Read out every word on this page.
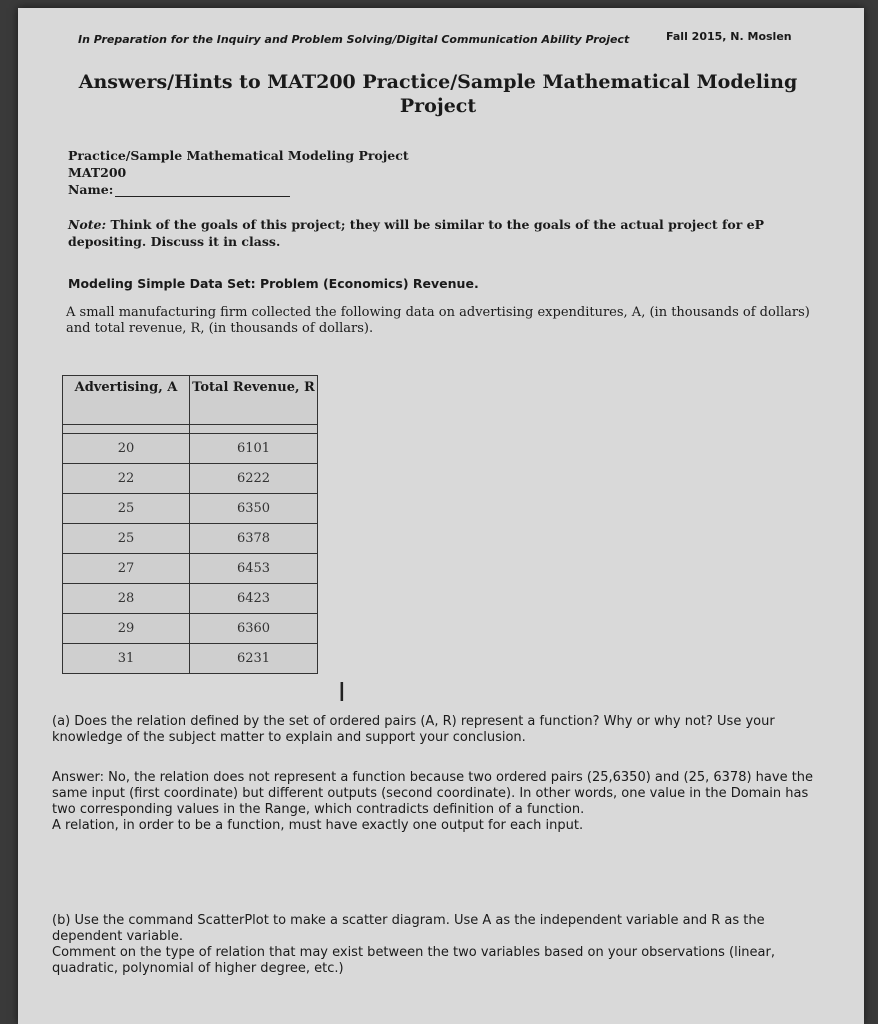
In Preparation for the Inquiry and Problem Solving/Digital Communication Ability Project	Fall 2015, N. Moslen
Answers/Hints to MAT200 Practice/Sample Mathematical Modeling Project
Practice/Sample Mathematical Modeling Project
MAT200
Name:
Note: Think of the goals of this project; they will be similar to the goals of the actual project for eP depositing. Discuss it in class.
Modeling Simple Data Set: Problem (Economics) Revenue.
A small manufacturing firm collected the following data on advertising expenditures, A, (in thousands of dollars) and total revenue, R, (in thousands of dollars).
Advertising, A	Total Revenue, R

20	6101
22	6222
25	6350
25	6378
27	6453
28	6423
29	6360
31	6231
I

(a) Does the relation defined by the set of ordered pairs (A, R) represent a function? Why or why not? Use your knowledge of the subject matter to explain and support your conclusion.

Answer: No, the relation does not represent a function because two ordered pairs (25,6350) and (25, 6378) have the same input (first coordinate) but different outputs (second coordinate). In other words, one value in the Domain has two corresponding values in the Range, which contradicts definition of a function.

A relation, in order to be a function, must have exactly one output for each input.

(b) Use the command ScatterPlot to make a scatter diagram. Use A as the independent variable and R as the dependent variable.

Comment on the type of relation that may exist between the two variables based on your observations (linear, quadratic, polynomial of higher degree, etc.)
